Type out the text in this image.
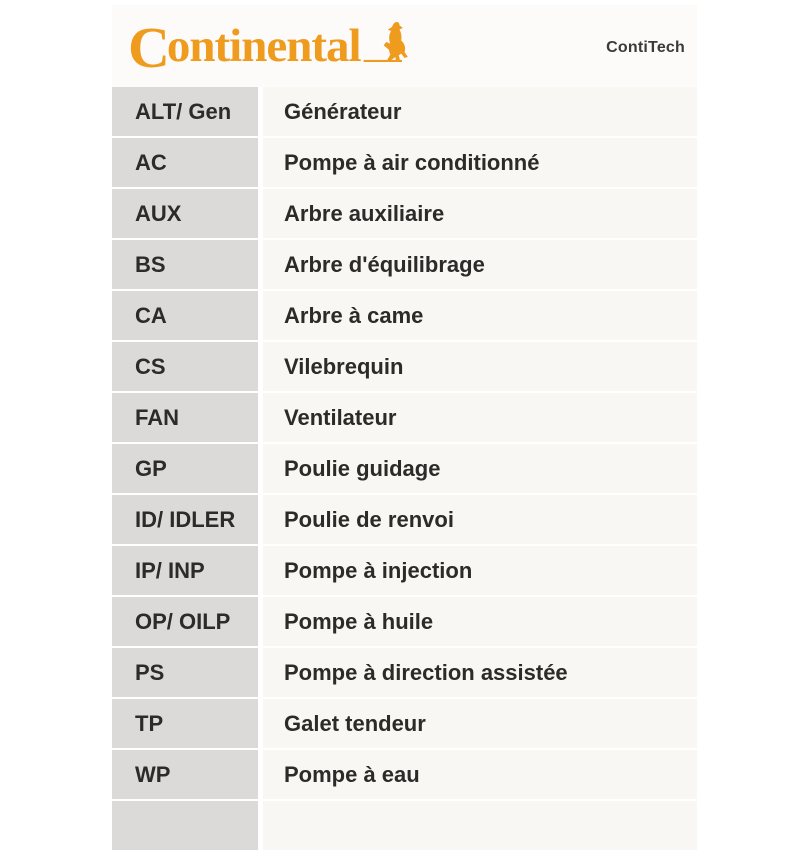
Continental	ContiTech
ALT/ Gen	Générateur
AC	Pompe à air conditionné
AUX	Arbre auxiliaire
BS	Arbre d'équilibrage
CA	Arbre à came
CS	Vilebrequin
FAN	Ventilateur
GP	Poulie guidage
ID/ IDLER	Poulie de renvoi
IP/ INP	Pompe à injection
OP/ OILP	Pompe à huile
PS	Pompe à direction assistée
TP	Galet tendeur
WP	Pompe à eau
